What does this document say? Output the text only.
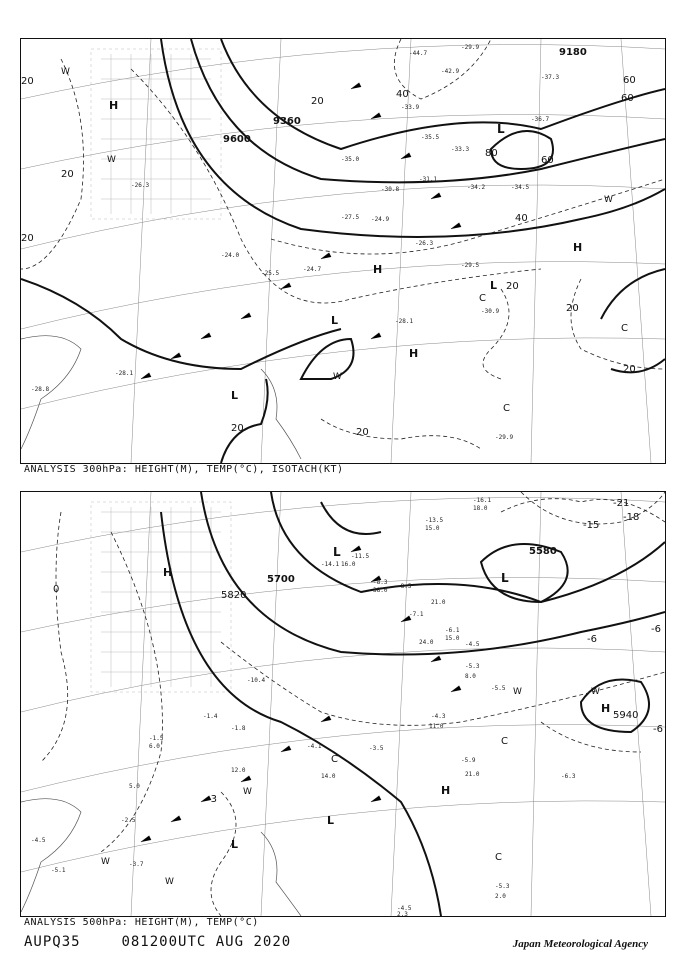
9180
9360
9600
20
20
20
20
20
20
20
20	20
40
40
60
60
60
80
H
H
H
H
L
L
L
L
C
C
C
W
W
W
W
-29.9
-33.3
-35.5
-31.1
-30.8
-33.9
-35.0
-27.5 -24.9
-25.5
-24.7
-26.3
-29.5
-30.9
-28.1
-28.8
-24.0
-26.3
-28.1
-29.9
-34.2	-34.5
-36.7
-42.9
-44.7
-37.3
ANALYSIS 300hPa: HEIGHT(M), TEMP(°C), ISOTACH(KT)
5580
5700
5820
5940
0
-3
-6
-6
-6
-15
-18
-21
H
H
H
L
L
L
L
C
C
C
W	W
W
W
W
-16.1
-13.5
-14.1
-11.5
-8.3
-8.5
-7.1
-6.1
-4.5
-5.3
-5.5
-4.3
-1.5
-1.8
-3.5
-4.1
-2.5
-4.5
-5.1
-3.7
-1.4
-5.3
-4.5
-6.3
-5.9
-10.4
18.0
15.0
16.0
38.0
21.0
24.0
15.0
11.0
8.0
21.0
14.0
12.0
6.0
5.0
2.0
2.3
ANALYSIS 500hPa: HEIGHT(M), TEMP(°C)
AUPQ35	081200UTC AUG 2020	Japan Meteorological Agency
